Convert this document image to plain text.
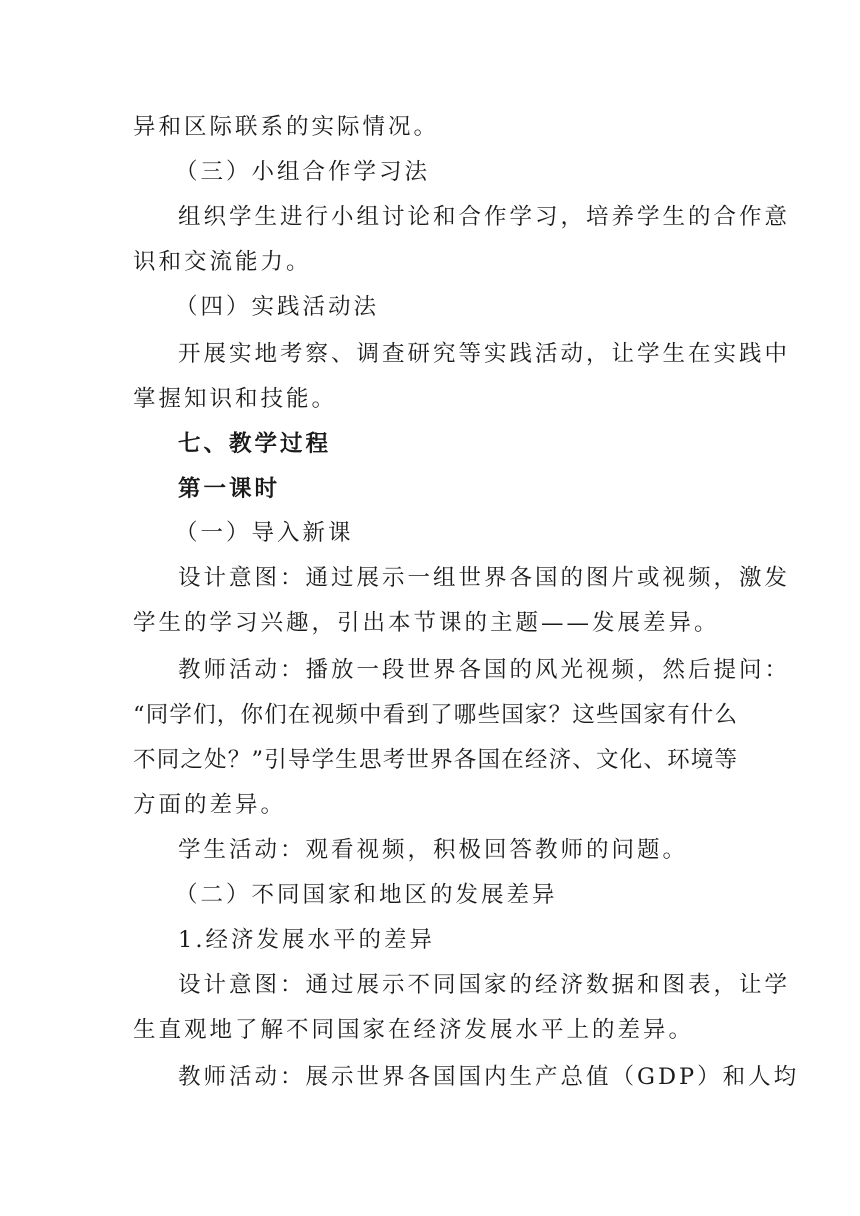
异和区际联系的实际情况。
（三）小组合作学习法
组织学生进行小组讨论和合作学习，培养学生的合作意
识和交流能力。
（四）实践活动法
开展实地考察、调查研究等实践活动，让学生在实践中
掌握知识和技能。
七、教学过程
第一课时
（一）导入新课
设计意图：通过展示一组世界各国的图片或视频，激发
学生的学习兴趣，引出本节课的主题——发展差异。
教师活动：播放一段世界各国的风光视频，然后提问：
“同学们，你们在视频中看到了哪些国家？这些国家有什么
不同之处？”引导学生思考世界各国在经济、文化、环境等
方面的差异。
学生活动：观看视频，积极回答教师的问题。
（二）不同国家和地区的发展差异
1.经济发展水平的差异
设计意图：通过展示不同国家的经济数据和图表，让学
生直观地了解不同国家在经济发展水平上的差异。
教师活动：展示世界各国国内生产总值（GDP）和人均
